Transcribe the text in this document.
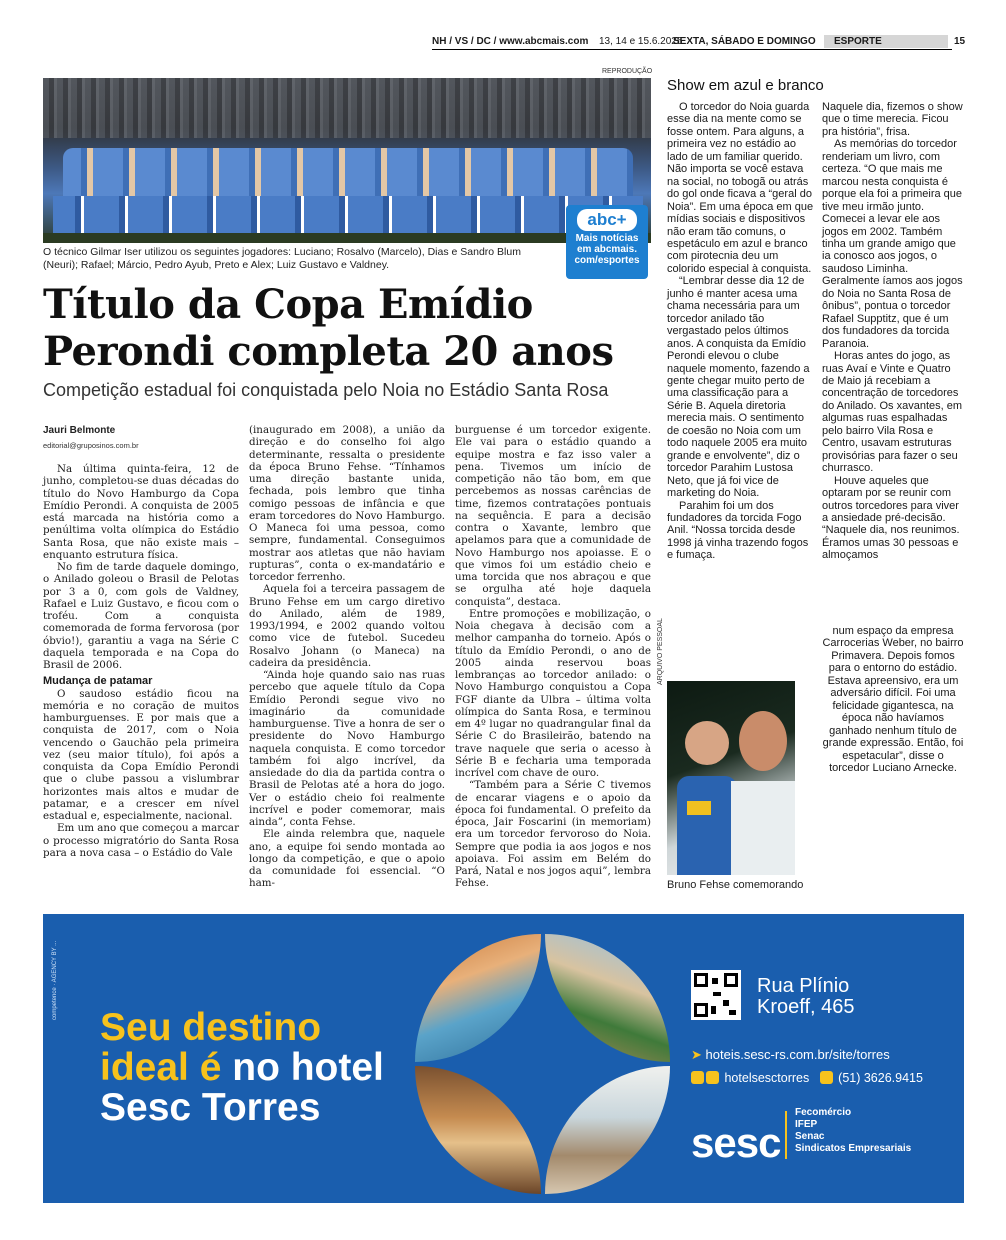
NH / VS / DC / www.abcmais.com 13, 14 e 15.6.2025
SEXTA, SÁBADO E DOMINGO	ESPORTE	15
REPRODUÇÃO
abc+
Mais notícias
em abcmais.
com/esportes
O técnico Gilmar Iser utilizou os seguintes jogadores: Luciano; Rosalvo (Marcelo), Dias e Sandro Blum (Neuri); Rafael; Márcio, Pedro Ayub, Preto e Alex; Luiz Gustavo e Valdney.
Título da Copa Emídio
Perondi completa 20 anos
Competição estadual foi conquistada pelo Noia no Estádio Santa Rosa
Jauri Belmonte
editorial@gruposinos.com.br

Na última quinta-feira, 12 de junho, completou-se duas décadas do título do Novo Hamburgo da Copa Emídio Perondi. A conquista de 2005 está marcada na história como a penúltima volta olímpica do Estádio Santa Rosa, que não existe mais – enquanto estrutura física.

No fim de tarde daquele domingo, o Anilado goleou o Brasil de Pelotas por 3 a 0, com gols de Valdney, Rafael e Luiz Gustavo, e ficou com o troféu. Com a conquista comemorada de forma fervorosa (por óbvio!), garantiu a vaga na Série C daquela temporada e na Copa do Brasil de 2006.

Mudança de patamar

O saudoso estádio ficou na memória e no coração de muitos hamburguenses. E por mais que a conquista de 2017, com o Noia vencendo o Gauchão pela primeira vez (seu maior título), foi após a conquista da Copa Emídio Perondi que o clube passou a vislumbrar horizontes mais altos e mudar de patamar, e a crescer em nível estadual e, especialmente, nacional.

Em um ano que começou a marcar o processo migratório do Santa Rosa para a nova casa – o Estádio do Vale

(inaugurado em 2008), a união da direção e do conselho foi algo determinante, ressalta o presidente da época Bruno Fehse. “Tínhamos uma direção bastante unida, fechada, pois lembro que tinha comigo pessoas de infância e que eram torcedores do Novo Hamburgo. O Maneca foi uma pessoa, como sempre, fundamental. Conseguimos mostrar aos atletas que não haviam rupturas”, conta o ex-mandatário e torcedor ferrenho.

Aquela foi a terceira passagem de Bruno Fehse em um cargo diretivo do Anilado, além de 1989, 1993/1994, e 2002 quando voltou como vice de futebol. Sucedeu Rosalvo Johann (o Maneca) na cadeira da presidência.

“Ainda hoje quando saio nas ruas percebo que aquele título da Copa Emídio Perondi segue vivo no imaginário da comunidade hamburguense. Tive a honra de ser o presidente do Novo Hamburgo naquela conquista. E como torcedor também foi algo incrível, da ansiedade do dia da partida contra o Brasil de Pelotas até a hora do jogo. Ver o estádio cheio foi realmente incrível e poder comemorar, mais ainda”, conta Fehse.

Ele ainda relembra que, naquele ano, a equipe foi sendo montada ao longo da competição, e que o apoio da comunidade foi essencial. “O ham-

burguense é um torcedor exigente. Ele vai para o estádio quando a equipe mostra e faz isso valer a pena. Tivemos um início de competição não tão bom, em que percebemos as nossas carências de time, fizemos contratações pontuais na sequência. E para a decisão contra o Xavante, lembro que apelamos para que a comunidade de Novo Hamburgo nos apoiasse. E o que vimos foi um estádio cheio e uma torcida que nos abraçou e que se orgulha até hoje daquela conquista”, destaca.

Entre promoções e mobilização, o Noia chegava à decisão com a melhor campanha do torneio. Após o título da Emídio Perondi, o ano de 2005 ainda reservou boas lembranças ao torcedor anilado: o Novo Hamburgo conquistou a Copa FGF diante da Ulbra – última volta olímpica do Santa Rosa, e terminou em 4º lugar no quadrangular final da Série C do Brasileirão, batendo na trave naquele que seria o acesso à Série B e fecharia uma temporada incrível com chave de ouro.

“Também para a Série C tivemos de encarar viagens e o apoio da época foi fundamental. O prefeito da época, Jair Foscarini (in memoriam) era um torcedor fervoroso do Noia. Sempre que podia ia aos jogos e nos apoiava. Foi assim em Belém do Pará, Natal e nos jogos aqui”, lembra Fehse.

Show em azul e branco

O torcedor do Noia guarda esse dia na mente como se fosse ontem. Para alguns, a primeira vez no estádio ao lado de um familiar querido. Não importa se você estava na social, no tobogã ou atrás do gol onde ficava a “geral do Noia”. Em uma época em que mídias sociais e dispositivos não eram tão comuns, o espetáculo em azul e branco com pirotecnia deu um colorido especial à conquista.

“Lembrar desse dia 12 de junho é manter acesa uma chama necessária para um torcedor anilado tão vergastado pelos últimos anos. A conquista da Emídio Perondi elevou o clube naquele momento, fazendo a gente chegar muito perto de uma classificação para a Série B. Aquela diretoria merecia mais. O sentimento de coesão no Noia com um todo naquele 2005 era muito grande e envolvente”, diz o torcedor Parahim Lustosa Neto, que já foi vice de marketing do Noia.

Parahim foi um dos fundadores da torcida Fogo Anil. “Nossa torcida desde 1998 já vinha trazendo fogos e fumaça.

Naquele dia, fizemos o show que o time merecia. Ficou pra história”, frisa.

As memórias do torcedor renderiam um livro, com certeza. “O que mais me marcou nesta conquista é porque ela foi a primeira que tive meu irmão junto. Comecei a levar ele aos jogos em 2002. Também tinha um grande amigo que ia conosco aos jogos, o saudoso Liminha. Geralmente íamos aos jogos do Noia no Santa Rosa de ônibus”, pontua o torcedor Rafael Supptitz, que é um dos fundadores da torcida Paranoia.

Horas antes do jogo, as ruas Avaí e Vinte e Quatro de Maio já recebiam a concentração de torcedores do Anilado. Os xavantes, em algumas ruas espalhadas pelo bairro Vila Rosa e Centro, usavam estruturas provisórias para fazer o seu churrasco.

Houve aqueles que optaram por se reunir com outros torcedores para viver a ansiedade pré-decisão. “Naquele dia, nos reunimos. Éramos umas 30 pessoas e almoçamos

num espaço da empresa Carrocerias Weber, no bairro Primavera. Depois fomos para o entorno do estádio. Estava apreensivo, era um adversário difícil. Foi uma felicidade gigantesca, na época não havíamos ganhado nenhum título de grande expressão. Então, foi espetacular”, disse o torcedor Luciano Arnecke.

ARQUIVO PESSOAL
Bruno Fehse comemorando
competence · AGENCY BY ...
Seu destino
ideal é no hotel
Sesc Torres
Rua Plínio
Kroeff, 465
➤ hoteis.sesc-rs.com.br/site/torres
hotelsesctorres (51) 3626.9415
sesc
Fecomércio
IFEP
Senac
Sindicatos Empresariais
